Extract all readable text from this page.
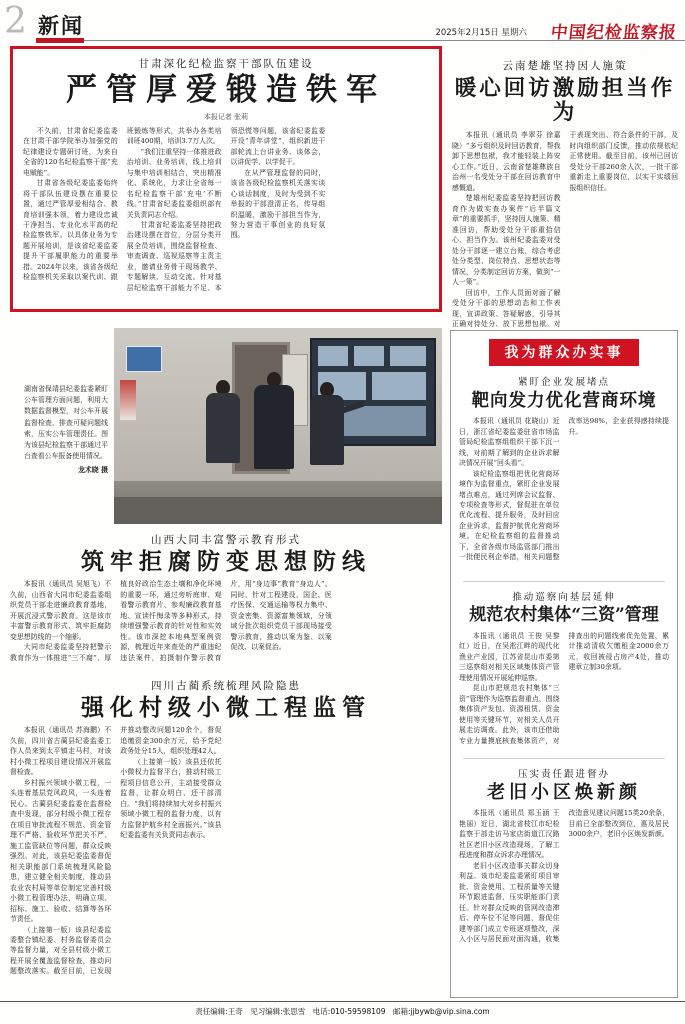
2 新闻	2025年2月15日 星期六 中国纪检监察报
甘肃深化纪检监察干部队伍建设
严管厚爱锻造铁军
本报记者 张莉

不久前，甘肃省纪委监委在甘肃干部学院举办加强党的纪律建设专题研讨班，为来自全省的120名纪检监察干部“充电赋能”。

甘肃省各级纪委监委始终将干部队伍建设摆在重要位置，通过严管厚爱相结合、教育培训强本领，着力建设忠诚干净担当、专业化水平高的纪检监察铁军。以具体业务为专题开展培训，是该省纪委监委提升干部履职能力的重要举措。2024年以来，该省各级纪检监察机关采取以案代训、跟班锻炼等形式，共举办各类培训班400期，培训3.7万人次。

“我们注重坚持一体推进政治培训、业务培训，线上培训与集中培训相结合，突出精准化、系统化，力求让全省每一名纪检监察干部‘充电’不断线。”甘肃省纪委监委组织部有关负责同志介绍。

甘肃省纪委监委坚持把政治建设摆在首位，分层分类开展全员培训，围绕监督检查、审查调查、巡视巡察等主责主业，邀请业务骨干现场教学、专题解读、互动交流。针对基层纪检监察干部能力不足、本领恐慌等问题，该省纪委监委开设“青年讲堂”，组织新进干部轮流上台讲业务、谈体会，以讲促学、以学促干。

在从严管理监督的同时，该省各级纪检监察机关落实谈心谈话制度，及时为受到不实举报的干部澄清正名，传导组织温暖，激励干部担当作为，努力营造干事创业的良好氛围。

云南楚雄坚持因人施策
暖心回访激励担当作为

本报讯（通讯员 李翠芬 徐嘉晓）“多亏组织及时回访教育，帮我卸下思想包袱，我才能轻装上阵安心工作。”近日，云南省楚雄彝族自治州一名受处分干部在回访教育中感慨道。

楚雄州纪委监委坚持把回访教育作为做实查办案件“后半篇文章”的重要抓手，坚持因人施策、精准回访，帮助受处分干部重拾信心、担当作为。该州纪委监委对受处分干部逐一建立台账，综合考虑处分类型、岗位特点、思想状态等情况，分类制定回访方案，做到“一人一策”。

回访中，工作人员面对面了解受处分干部的思想动态和工作表现，宣讲政策、答疑解惑，引导其正确对待处分、放下思想包袱。对于表现突出、符合条件的干部，及时向组织部门反馈，推动依规依纪正常使用。截至目前，该州已回访受处分干部260余人次，一批干部重新走上重要岗位，以实干实绩回报组织信任。

湖南省保靖县纪委监委紧盯公车管理方面问题，利用大数据监督模型，对公车开展监督检查，排查可疑问题线索，压实公车管理责任。图为该县纪检监察干部通过平台查看公车报备使用情况。
龙术晓 摄
山西大同丰富警示教育形式
筑牢拒腐防变思想防线

本报讯（通讯员 吴旭飞）不久前，山西省大同市纪委监委组织党员干部走进廉政教育基地，开展沉浸式警示教育。这是该市丰富警示教育形式、筑牢拒腐防变思想防线的一个缩影。

大同市纪委监委坚持把警示教育作为一体推进“三不腐”、厚植良好政治生态土壤和净化环境的重要一环，通过旁听庭审、观看警示教育片、参观廉政教育基地、宣读忏悔录等多种形式，持续增强警示教育的针对性和实效性。该市深挖本地典型案例资源，梳理近年来查处的严重违纪违法案件，拍摄制作警示教育片，用“身边事”教育“身边人”。同时，针对工程建设、国企、医疗医保、交通运输等权力集中、资金密集、资源富集领域，分领域分批次组织党员干部现场接受警示教育，推动以案为鉴、以案促改、以案促治。

四川古蔺系统梳理风险隐患
强化村级小微工程监管

本报讯（通讯员 苏海鹏）不久前，四川省古蔺县纪委监委工作人员来到太平镇走马村，对该村小微工程项目建设情况开展监督检查。

乡村振兴领域小微工程，一头连着基层党风政风，一头连着民心。古蔺县纪委监委在监督检查中发现，部分村级小微工程存在项目审批流程不规范、资金管理不严格、验收环节把关不严、施工监管缺位等问题，群众反映强烈。对此，该县纪委监委督促相关职能部门系统梳理风险隐患，建立健全相关制度，推动县农业农村局等单位制定完善村级小微工程管理办法，明确立项、招标、施工、验收、结算等各环节责任。

（上接第一版）该县纪委监委整合镇纪委、村务监督委员会等监督力量，对全县村级小微工程开展全覆盖监督检查，推动问题整改落实。截至目前，已发现并推动整改问题120余个，督促追缴资金300余万元，给予党纪政务处分15人，组织处理42人。

（上接第一版）该县还依托小微权力监督平台，推动村级工程项目信息公开，主动接受群众监督，让群众明白、还干部清白。“我们将持续加大对乡村振兴领域小微工程的监督力度，以有力监督护航乡村全面振兴。”该县纪委监委有关负责同志表示。

我为群众办实事
紧盯企业发展堵点
靶向发力优化营商环境

本报讯（通讯员 花晓山）近日，浙江省纪委监委驻省市场监管局纪检监察组组织干部下沉一线，对前期了解到的企业诉求解决情况开展“回头看”。

该纪检监察组把优化营商环境作为监督重点，紧盯企业发展堵点难点，通过列席会议监督、专项检查等形式，督促驻在单位优化流程、提升服务，及时回应企业诉求，监督护航优化营商环境。在纪检监察组的监督推动下，全省各级市场监管部门推出一批便民利企举措，相关问题整改率达98%，企业获得感持续提升。

推动巡察向基层延伸
规范农村集体“三资”管理

本报讯（通讯员 王俊 吴黎红）近日，在吴淞江畔的现代化渔业产业园，江苏省昆山市委第三巡察组对相关区域集体资产管理使用情况开展延伸巡察。

昆山市把规范农村集体“三资”管理作为巡察监督重点，围绕集体资产发包、资源租赁、资金使用等关键环节，对相关人员开展走访调查。此外，该市还借助专业力量摸底核查集体资产，对排查出的问题线索优先处置，累计推动清收欠缴租金2000余万元，收回被侵占房产4处，推动建章立制30余项。

压实责任跟进督办
老旧小区焕新颜

本报讯（通讯员 郑玉涵 王艳丽）近日，湖北省枝江市纪检监察干部走访马家店街道江汉路社区老旧小区改造现场，了解工程进度和群众诉求办理情况。

老旧小区改造事关群众切身利益。该市纪委监委紧盯项目审批、资金使用、工程质量等关键环节跟进监督，压实职能部门责任。针对群众反映的管网改造滞后、停车位不足等问题，督促住建等部门成立专班逐项整改，深入小区与居民面对面沟通，收集改造意见建议问题15类20余条，目前已全部整改到位，惠及居民3000余户，老旧小区焕发新颜。

责任编辑:王奇　见习编辑:张思雪　电话:010-59598109　邮箱:jjbywb@vip.sina.com
